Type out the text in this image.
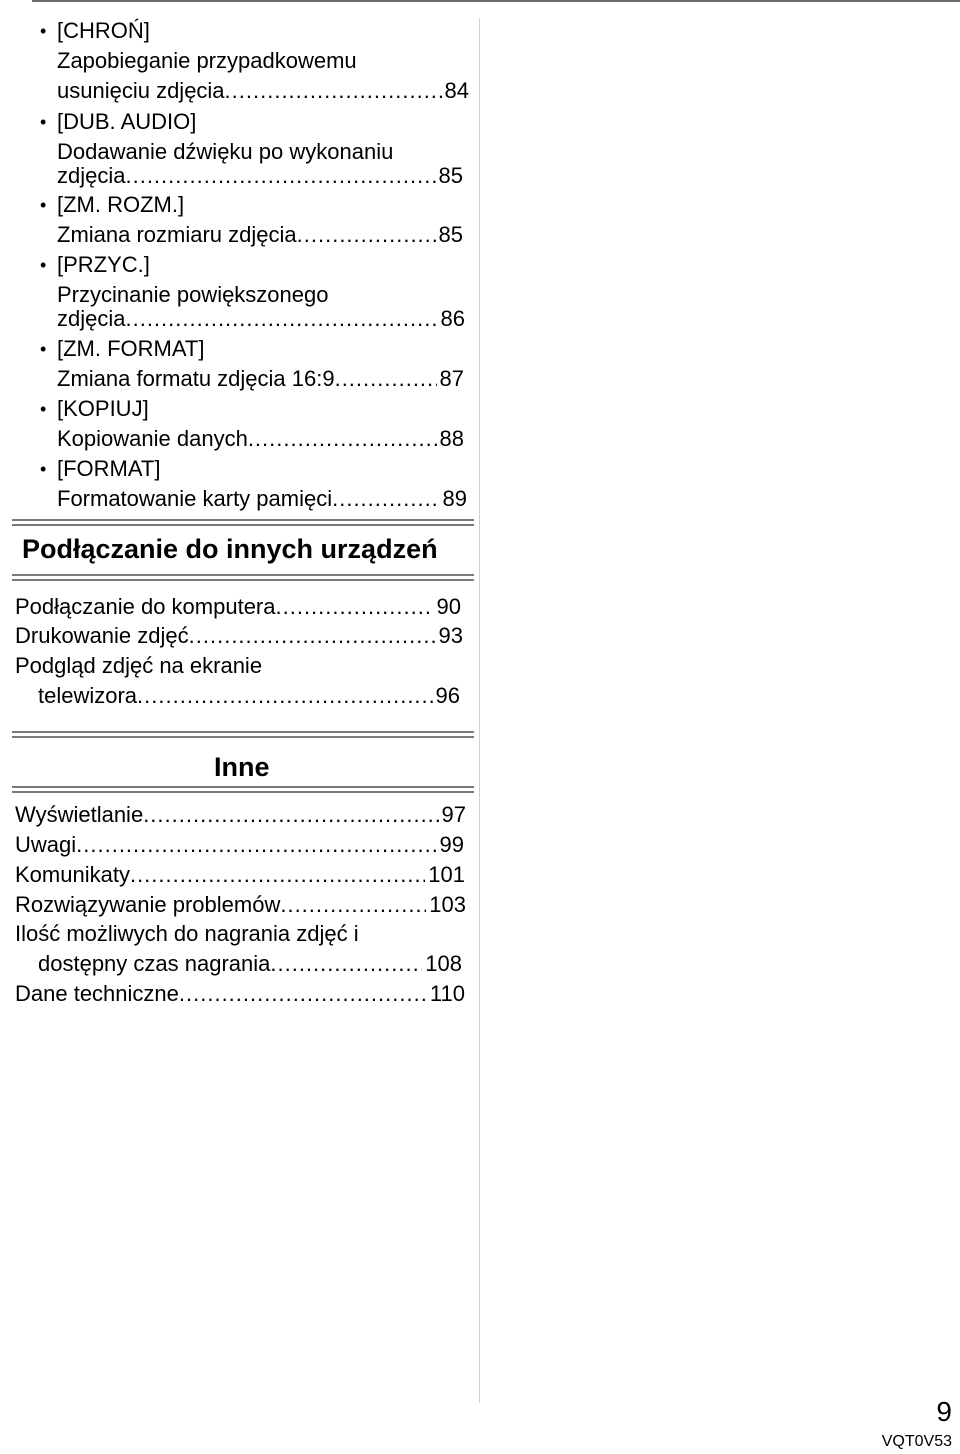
• [CHROŃ]
Zapobieganie przypadkowemu
usunięciu zdjęcia .....	84
• [DUB. AUDIO]
Dodawanie dźwięku po wykonaniu
zdjęcia .....	85
• [ZM. ROZM.]
Zmiana rozmiaru zdjęcia .....	85
• [PRZYC.]
Przycinanie powiększonego
zdjęcia .....	86
• [ZM. FORMAT]
Zmiana formatu zdjęcia 16:9 .....	87
• [KOPIUJ]
Kopiowanie danych .....	88
• [FORMAT]
Formatowanie karty pamięci .....	89
Podłączanie do innych urządzeń
Podłączanie do komputera .....	90
Drukowanie zdjęć .....	93
Podgląd zdjęć na ekranie
telewizora .....	96
Inne
Wyświetlanie .....	97
Uwagi .....	99
Komunikaty .....	101
Rozwiązywanie problemów .....	103
Ilość możliwych do nagrania zdjęć i
dostępny czas nagrania .....	108
Dane techniczne .....	110
9
VQT0V53
